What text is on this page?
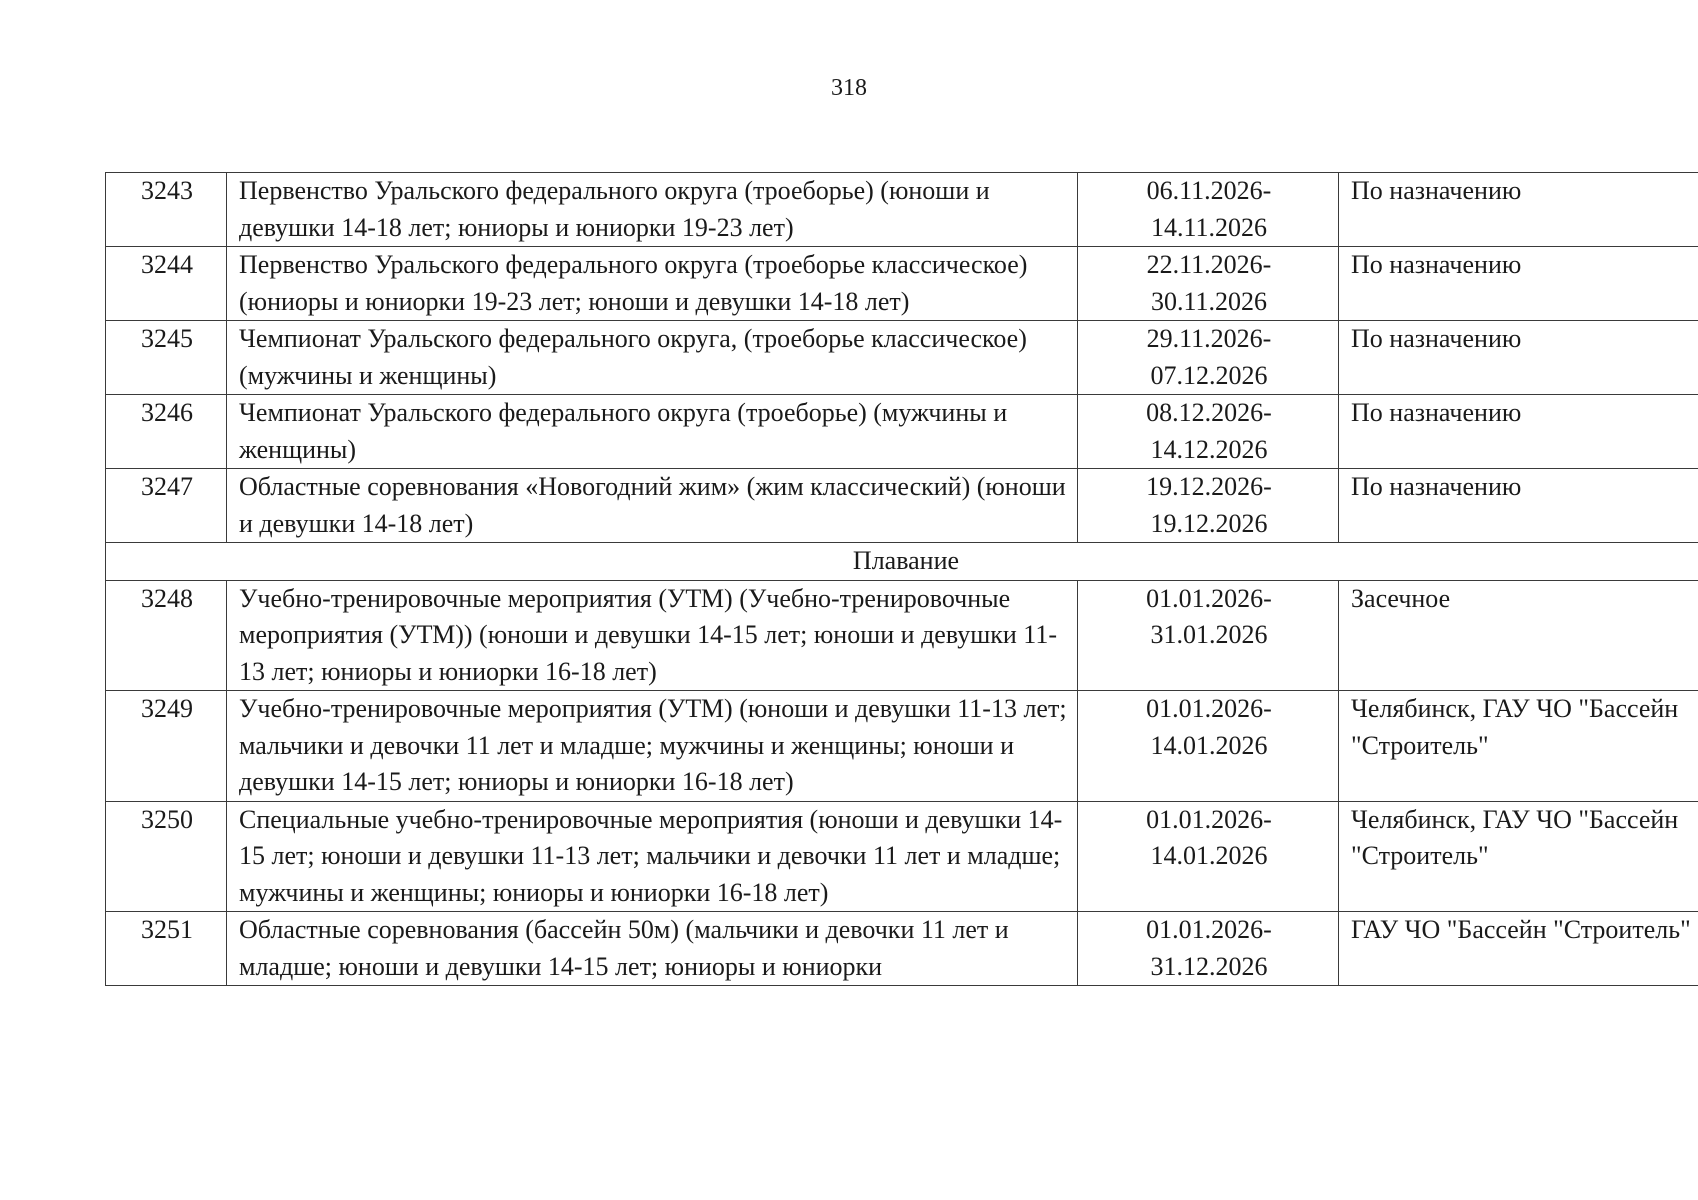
318
3243	Первенство Уральского федерального округа (троеборье) (юноши и девушки 14-18 лет; юниоры и юниорки 19-23 лет)	06.11.2026- 14.11.2026	По назначению
3244	Первенство Уральского федерального округа (троеборье классическое) (юниоры и юниорки 19-23 лет; юноши и девушки 14-18 лет)	22.11.2026- 30.11.2026	По назначению
3245	Чемпионат Уральского федерального округа, (троеборье классическое) (мужчины и женщины)	29.11.2026- 07.12.2026	По назначению
3246	Чемпионат Уральского федерального округа (троеборье) (мужчины и женщины)	08.12.2026- 14.12.2026	По назначению
3247	Областные соревнования «Новогодний жим» (жим классический) (юноши и девушки 14-18 лет)	19.12.2026- 19.12.2026	По назначению
Плавание			
3248	Учебно-тренировочные мероприятия (УТМ) (Учебно-тренировочные мероприятия (УТМ)) (юноши и девушки 14-15 лет; юноши и девушки 11-13 лет; юниоры и юниорки 16-18 лет)	01.01.2026- 31.01.2026	Засечное
3249	Учебно-тренировочные мероприятия (УТМ) (юноши и девушки 11-13 лет; мальчики и девочки 11 лет и младше; мужчины и женщины; юноши и девушки 14-15 лет; юниоры и юниорки 16-18 лет)	01.01.2026- 14.01.2026	Челябинск, ГАУ ЧО "Бассейн "Строитель"
3250	Специальные учебно-тренировочные мероприятия (юноши и девушки 14-15 лет; юноши и девушки 11-13 лет; мальчики и девочки 11 лет и младше; мужчины и женщины; юниоры и юниорки 16-18 лет)	01.01.2026- 14.01.2026	Челябинск, ГАУ ЧО "Бассейн "Строитель"
3251	Областные соревнования (бассейн 50м) (мальчики и девочки 11 лет и младше; юноши и девушки 14-15 лет; юниоры и юниорки	01.01.2026- 31.12.2026	ГАУ ЧО "Бассейн "Строитель"
